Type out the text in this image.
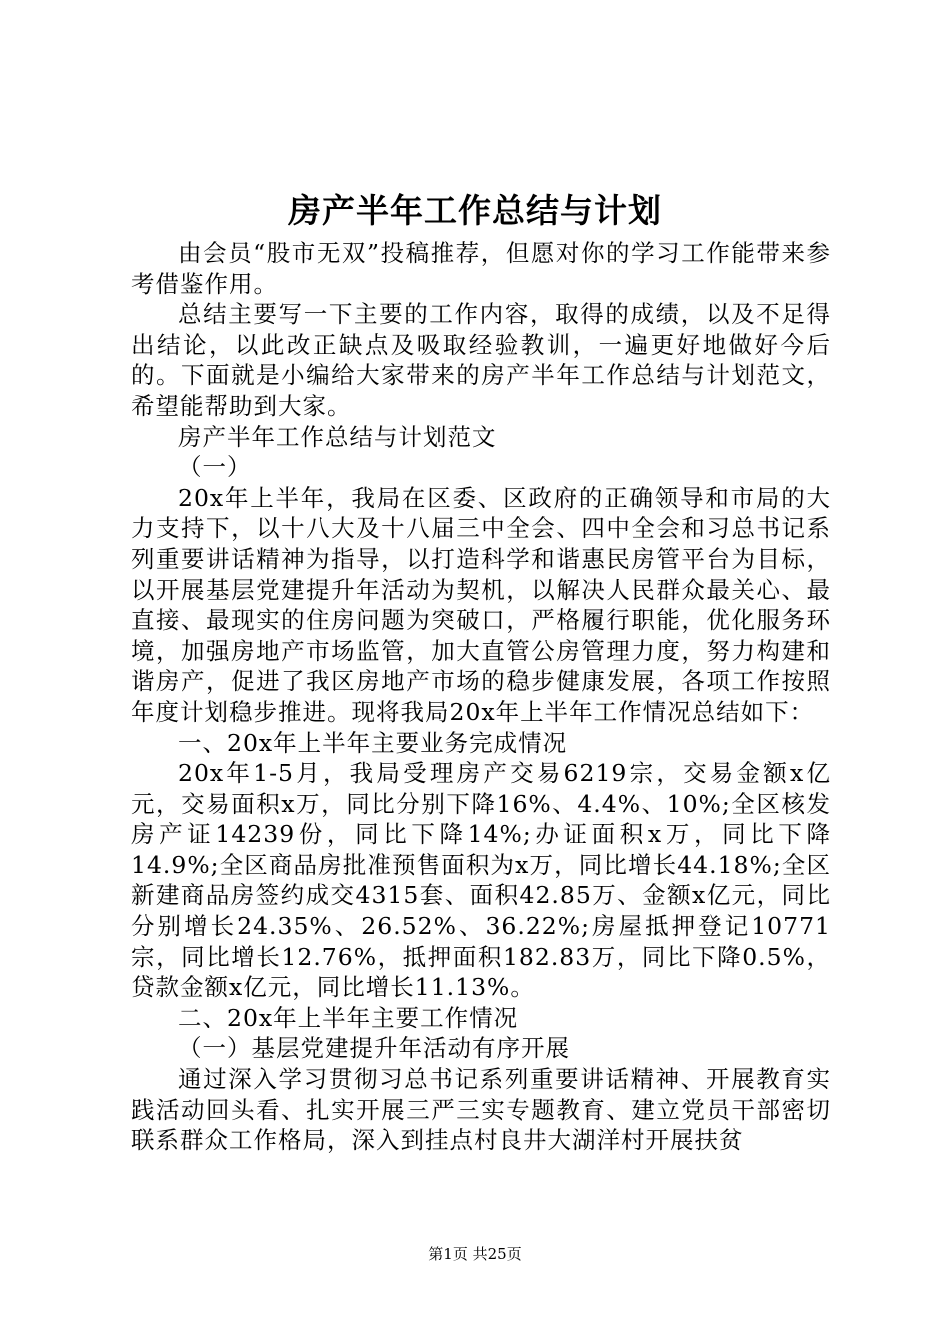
房产半年工作总结与计划

由会员“股市无双”投稿推荐，但愿对你的学习工作能带来参考借鉴作用。

总结主要写一下主要的工作内容，取得的成绩，以及不足得出结论，以此改正缺点及吸取经验教训，一遍更好地做好今后的。下面就是小编给大家带来的房产半年工作总结与计划范文，希望能帮助到大家。

房产半年工作总结与计划范文

（一）

20x年上半年，我局在区委、区政府的正确领导和市局的大力支持下，以十八大及十八届三中全会、四中全会和习总书记系列重要讲话精神为指导，以打造科学和谐惠民房管平台为目标，以开展基层党建提升年活动为契机，以解决人民群众最关心、最直接、最现实的住房问题为突破口，严格履行职能，优化服务环境，加强房地产市场监管，加大直管公房管理力度，努力构建和谐房产，促进了我区房地产市场的稳步健康发展，各项工作按照年度计划稳步推进。现将我局20x年上半年工作情况总结如下：

一、20x年上半年主要业务完成情况

20x年1-5月，我局受理房产交易6219宗，交易金额x亿元，交易面积x万，同比分别下降16%、4.4%、10%;全区核发房产证14239份，同比下降14%;办证面积x万，同比下降14.9%;全区商品房批准预售面积为x万，同比增长44.18%;全区新建商品房签约成交4315套、面积42.85万、金额x亿元，同比分别增长24.35%、26.52%、36.22%;房屋抵押登记10771宗，同比增长12.76%，抵押面积182.83万，同比下降0.5%，贷款金额x亿元，同比增长11.13%。

二、20x年上半年主要工作情况

（一）基层党建提升年活动有序开展

通过深入学习贯彻习总书记系列重要讲话精神、开展教育实践活动回头看、扎实开展三严三实专题教育、建立党员干部密切联系群众工作格局，深入到挂点村良井大湖洋村开展扶贫

第1页 共25页
